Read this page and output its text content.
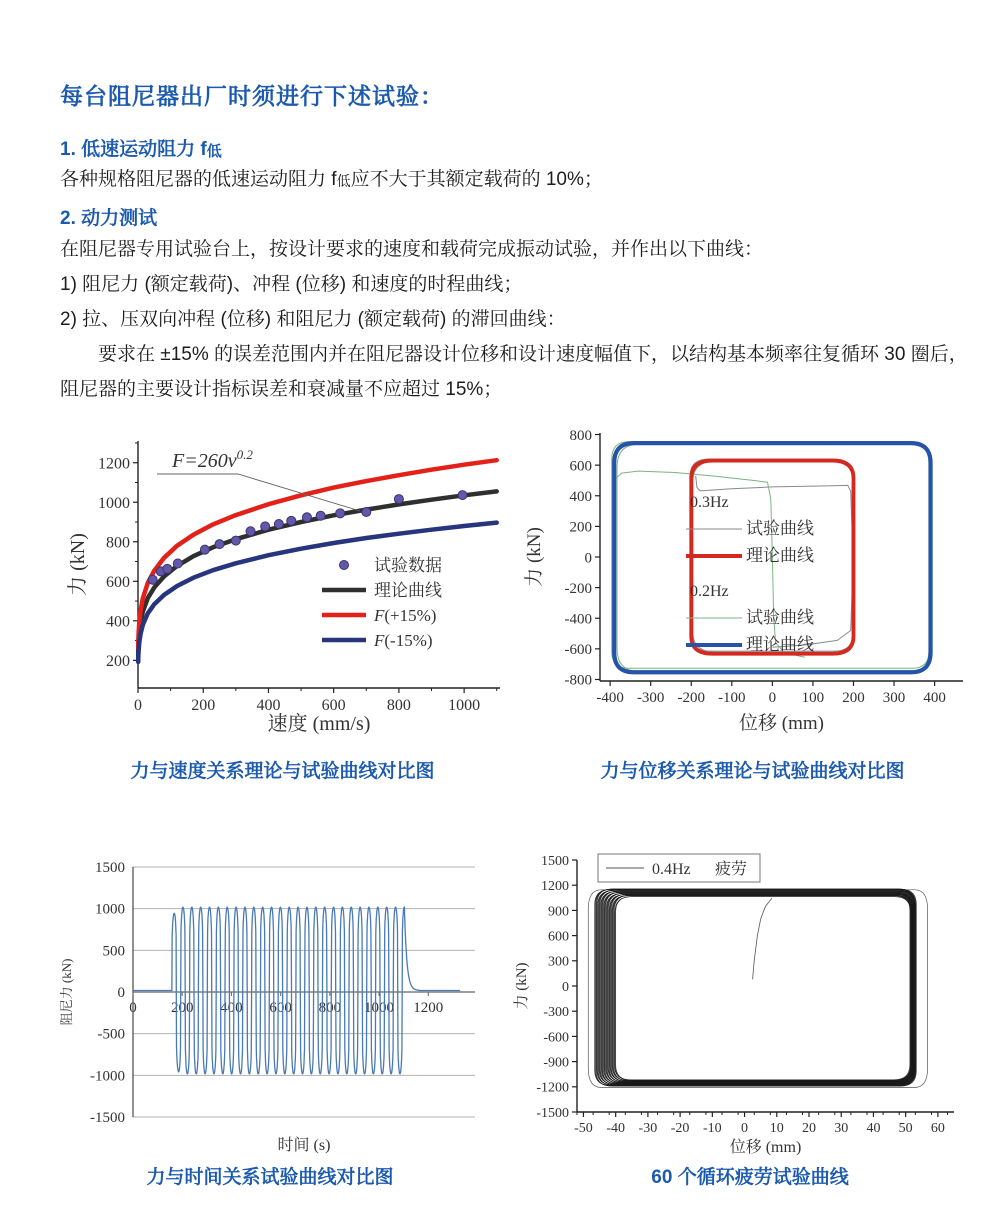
每台阻尼器出厂时须进行下述试验：
1. 低速运动阻力 f低
各种规格阻尼器的低速运动阻力 f低应不大于其额定载荷的 10%；
2. 动力测试
在阻尼器专用试验台上，按设计要求的速度和载荷完成振动试验，并作出以下曲线：
1) 阻尼力 (额定载荷)、冲程 (位移) 和速度的时程曲线；
2) 拉、压双向冲程 (位移) 和阻尼力 (额定载荷) 的滞回曲线：
要求在 ±15% 的误差范围内并在阻尼器设计位移和设计速度幅值下，以结构基本频率往复循环 30 圈后，
阻尼器的主要设计指标误差和衰减量不应超过 15%；
0	200	400	600	800 1000
200
400
600
800
1000
1200
速度 (mm/s)
力 (kN)
$F=260v^{0.2}$
试验数据
理论曲线
F(+15%)
F(-15%)
-400 -300 -200 -100 0 100 200 300 400
-800
-600
-400
-200
0
200
400
600
800
位移 (mm)
力 (kN)
0.3Hz
试验曲线
理论曲线
0.2Hz
试验曲线
理论曲线
力与速度关系理论与试验曲线对比图	力与位移关系理论与试验曲线对比图
-1500
-1000
-500
0
500
1000
1500
0 200 400 600 800 1000 1200
时间 (s)
阻尼力 (kN)
-50 -40 -30 -20 -10 0 10 20 30 40 50 60
-1500
-1200
-900
-600
-300
0
300
600
900
1200
1500
位移 (mm)
力 (kN)
0.4Hz 疲劳
力与时间关系试验曲线对比图	60 个循环疲劳试验曲线
